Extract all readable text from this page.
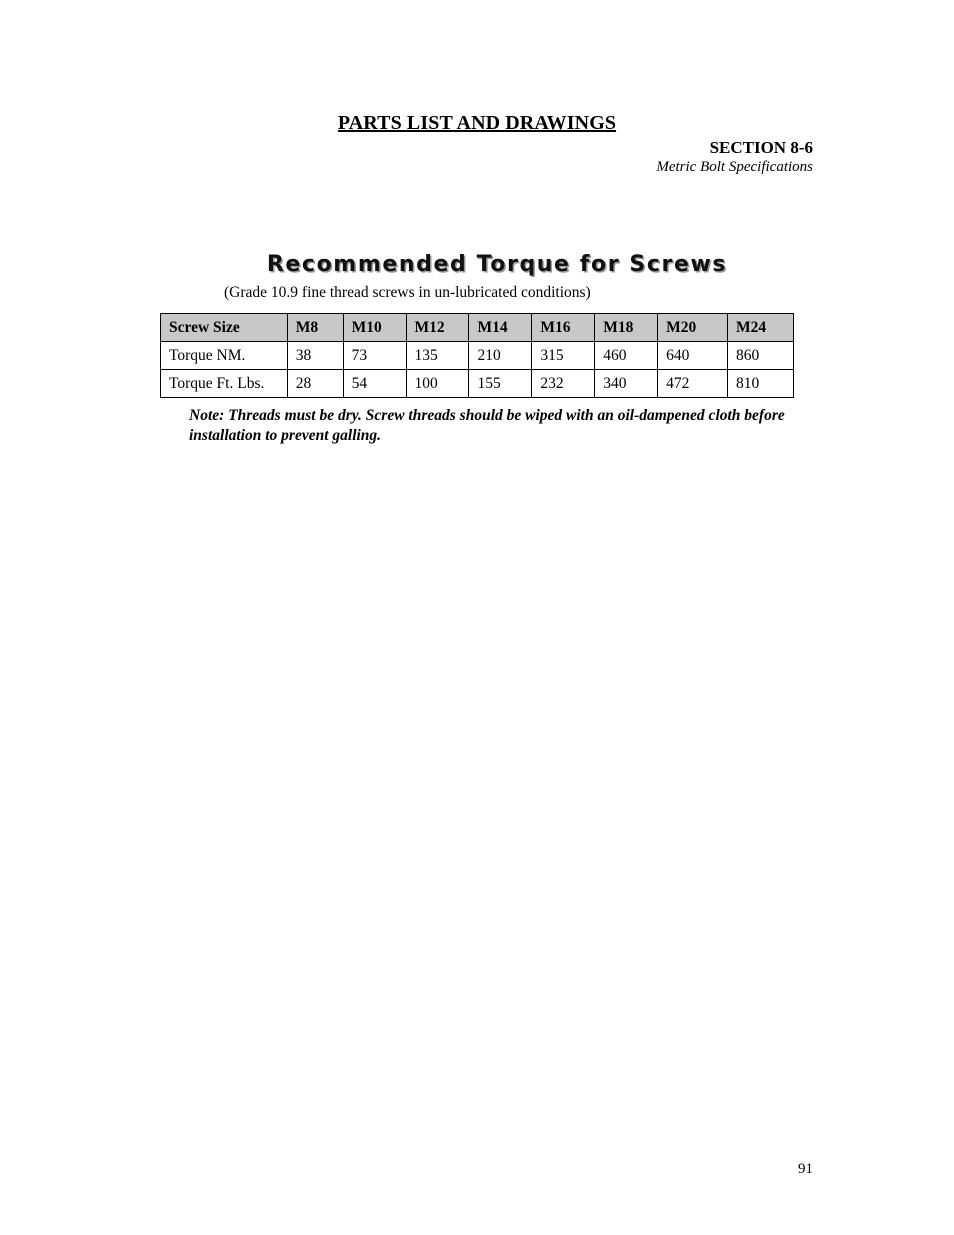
PARTS LIST AND DRAWINGS
SECTION 8-6
Metric Bolt Specifications
Recommended Torque for Screws
(Grade 10.9 fine thread screws in un-lubricated conditions)
Screw Size	M8	M10	M12	M14	M16	M18	M20	M24
Torque NM.	38	73	135	210	315	460	640	860
Torque Ft. Lbs.	28	54	100	155	232	340	472	810
Note: Threads must be dry. Screw threads should be wiped with an oil-dampened cloth before installation to prevent galling.
91
